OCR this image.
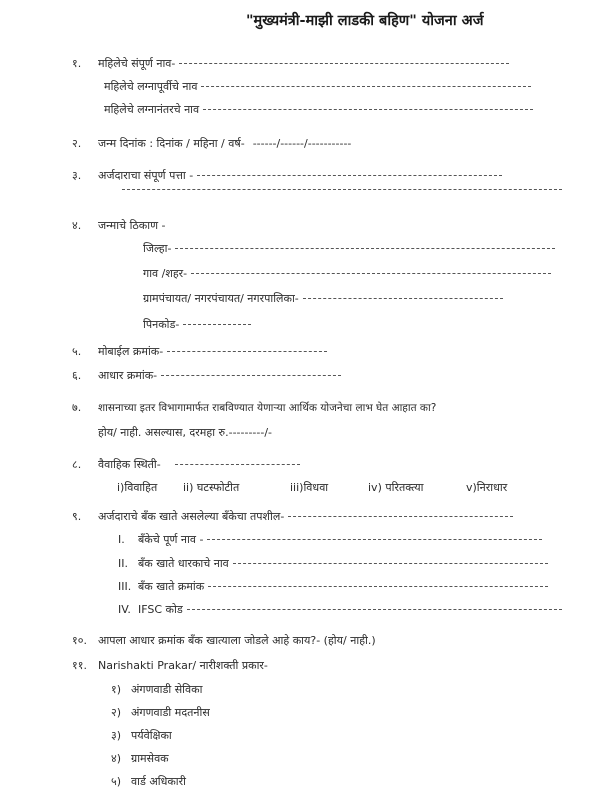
"मुख्यमंत्री-माझी लाडकी बहिण" योजना अर्ज
१.	महिलेचे संपूर्ण नाव-
महिलेचे लग्नापूर्वीचे नाव
महिलेचे लग्नानंतरचे नाव
२.	जन्म दिनांक : दिनांक / महिना / वर्ष- ------/------/-----------
३.	अर्जदाराचा संपूर्ण पत्ता -
४.	जन्माचे ठिकाण -
जिल्हा-
गाव /शहर-
ग्रामपंचायत/ नगरपंचायत/ नगरपालिका-
पिनकोड-
५.	मोबाईल क्रमांक-
६.	आधार क्रमांक-
७.	शासनाच्या इतर विभागामार्फत राबविण्यात येणाऱ्या आर्थिक योजनेचा लाभ घेत आहात का?
होय/ नाही. असल्यास, दरमहा रु.---------/-
८.	वैवाहिक स्थिती-
i)विवाहित ii) घटस्फोटीत	iii)विधवा	iv) परितक्त्या	v)निराधार
९.	अर्जदाराचे बँक खाते असलेल्या बँकेचा तपशील-
I.	बँकेचे पूर्ण नाव -
II. बँक खाते धारकाचे नाव
III. बँक खाते क्रमांक
IV. IFSC कोड
१०.	आपला आधार क्रमांक बँक खात्याला जोडले आहे काय?- (होय/ नाही.)
११.	Narishakti Prakar/ नारीशक्ती प्रकार-
१) अंगणवाडी सेविका
२) अंगणवाडी मदतनीस
३) पर्यवेक्षिका
४) ग्रामसेवक
५) वार्ड अधिकारी
